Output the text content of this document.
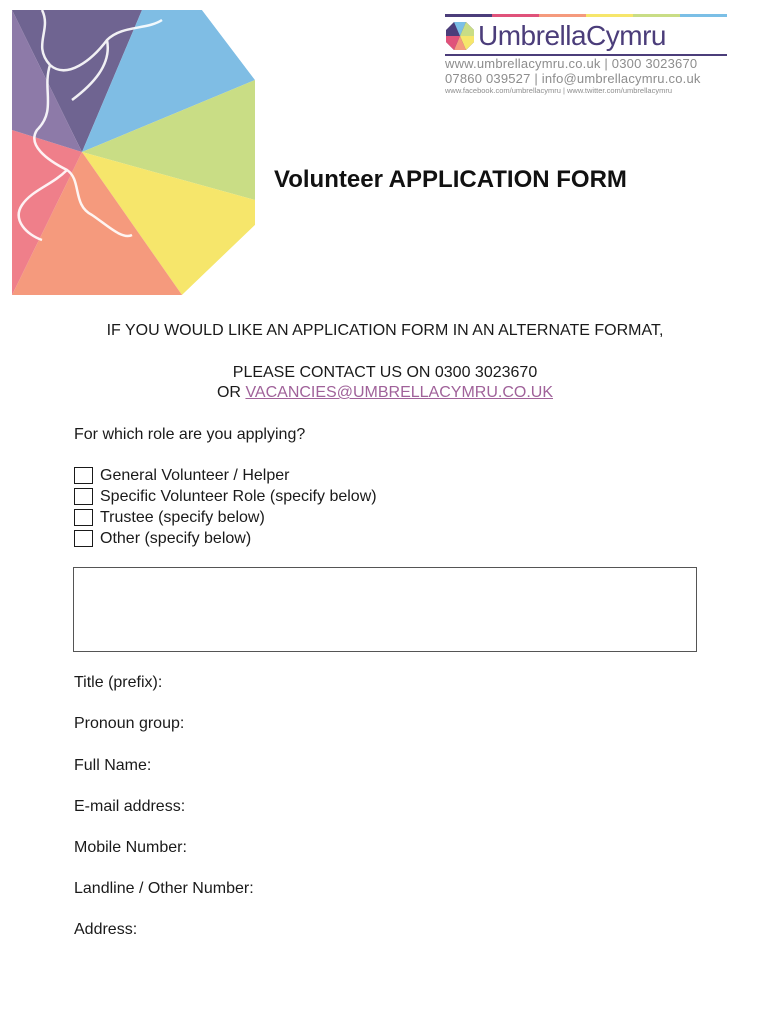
UmbrellaCymru
www.umbrellacymru.co.uk | 0300 3023670
07860 039527 | info@umbrellacymru.co.uk
www.facebook.com/umbrellacymru | www.twitter.com/umbrellacymru
Volunteer APPLICATION FORM
IF YOU WOULD LIKE AN APPLICATION FORM IN AN ALTERNATE FORMAT,
PLEASE CONTACT US ON 0300 3023670
OR VACANCIES@UMBRELLACYMRU.CO.UK
For which role are you applying?
General Volunteer / Helper
Specific Volunteer Role (specify below)
Trustee (specify below)
Other (specify below)
Title (prefix):
Pronoun group:
Full Name:
E-mail address:
Mobile Number:
Landline / Other Number:
Address:
